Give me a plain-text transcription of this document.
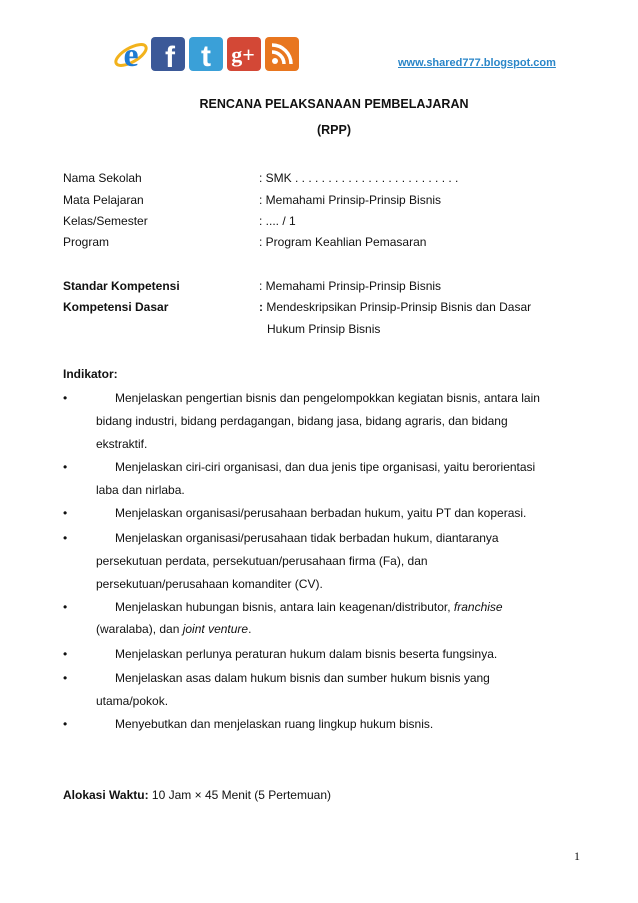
e f t g+	www.shared777.blogspot.com
RENCANA PELAKSANAAN PEMBELAJARAN
(RPP)
Nama Sekolah	: SMK . . . . . . . . . . . . . . . . . . . . . . . . .
Mata Pelajaran	: Memahami Prinsip-Prinsip Bisnis
Kelas/Semester	: .... / 1
Program	: Program Keahlian Pemasaran
Standar Kompetensi	: Memahami Prinsip-Prinsip Bisnis
Kompetensi Dasar	: Mendeskripsikan Prinsip-Prinsip Bisnis dan Dasar
Hukum Prinsip Bisnis
Indikator:
•	Menjelaskan pengertian bisnis dan pengelompokkan kegiatan bisnis, antara lain
bidang industri, bidang perdagangan, bidang jasa, bidang agraris, dan bidang
ekstraktif.
•	Menjelaskan ciri-ciri organisasi, dan dua jenis tipe organisasi, yaitu berorientasi
laba dan nirlaba.
•	Menjelaskan organisasi/perusahaan berbadan hukum, yaitu PT dan koperasi.
•	Menjelaskan organisasi/perusahaan tidak berbadan hukum, diantaranya
persekutuan perdata, persekutuan/perusahaan firma (Fa), dan
persekutuan/perusahaan komanditer (CV).
•	Menjelaskan hubungan bisnis, antara lain keagenan/distributor, franchise
(waralaba), dan joint venture.
•	Menjelaskan perlunya peraturan hukum dalam bisnis beserta fungsinya.
•	Menjelaskan asas dalam hukum bisnis dan sumber hukum bisnis yang
utama/pokok.
•	Menyebutkan dan menjelaskan ruang lingkup hukum bisnis.
Alokasi Waktu: 10 Jam × 45 Menit (5 Pertemuan)
1
